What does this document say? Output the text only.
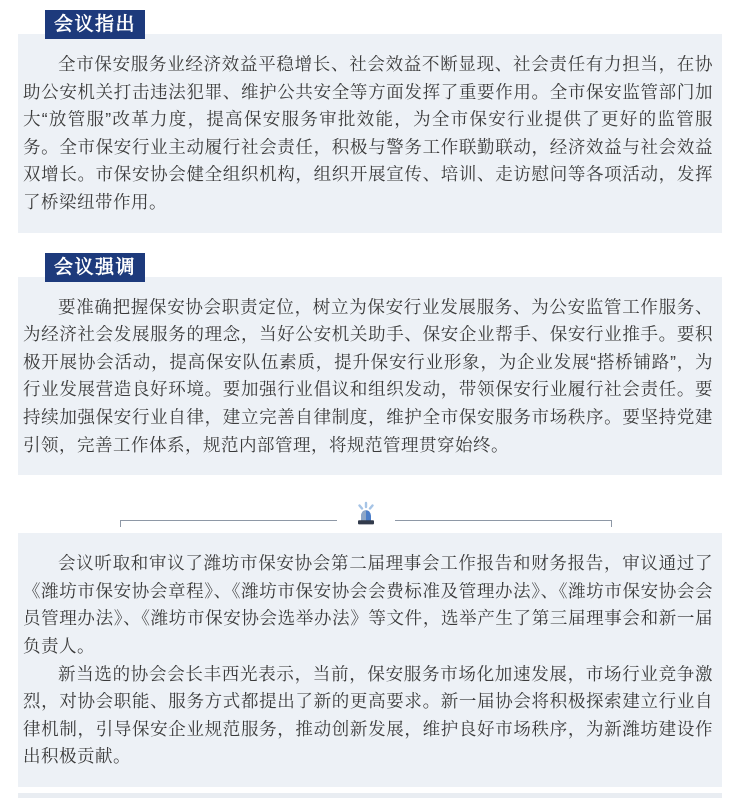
会议指出

全市保安服务业经济效益平稳增长、社会效益不断显现、社会责任有力担当，在协助公安机关打击违法犯罪、维护公共安全等方面发挥了重要作用。全市保安监管部门加大“放管服”改革力度，提高保安服务审批效能，为全市保安行业提供了更好的监管服务。全市保安行业主动履行社会责任，积极与警务工作联勤联动，经济效益与社会效益双增长。市保安协会健全组织机构，组织开展宣传、培训、走访慰问等各项活动，发挥了桥梁纽带作用。

会议强调

要准确把握保安协会职责定位，树立为保安行业发展服务、为公安监管工作服务、为经济社会发展服务的理念，当好公安机关助手、保安企业帮手、保安行业推手。要积极开展协会活动，提高保安队伍素质，提升保安行业形象，为企业发展“搭桥铺路”，为行业发展营造良好环境。要加强行业倡议和组织发动，带领保安行业履行社会责任。要持续加强保安行业自律，建立完善自律制度，维护全市保安服务市场秩序。要坚持党建引领，完善工作体系，规范内部管理，将规范管理贯穿始终。

会议听取和审议了潍坊市保安协会第二届理事会工作报告和财务报告，审议通过了《潍坊市保安协会章程》、《潍坊市保安协会会费标准及管理办法》、《潍坊市保安协会会员管理办法》、《潍坊市保安协会选举办法》等文件，选举产生了第三届理事会和新一届负责人。

新当选的协会会长丰西光表示，当前，保安服务市场化加速发展，市场行业竞争激烈，对协会职能、服务方式都提出了新的更高要求。新一届协会将积极探索建立行业自律机制，引导保安企业规范服务，推动创新发展，维护良好市场秩序，为新潍坊建设作出积极贡献。
